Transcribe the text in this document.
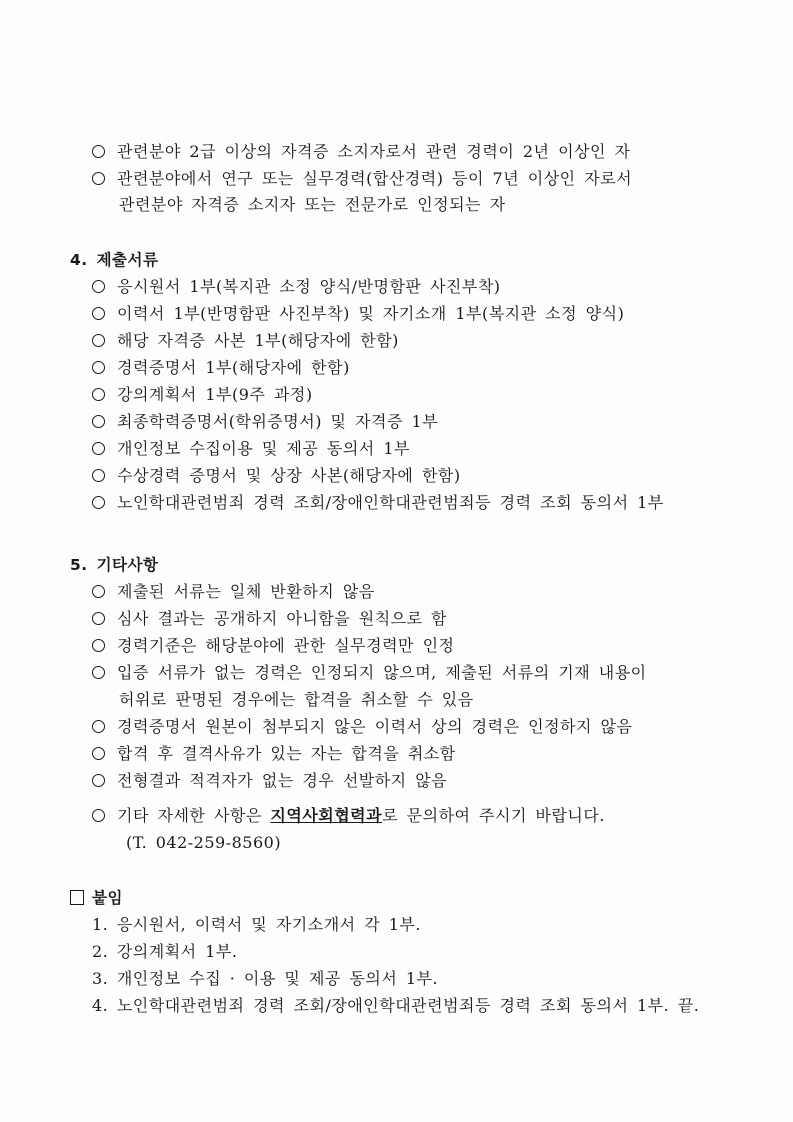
관련분야 2급 이상의 자격증 소지자로서 관련 경력이 2년 이상인 자
관련분야에서 연구 또는 실무경력(합산경력) 등이 7년 이상인 자로서
관련분야 자격증 소지자 또는 전문가로 인정되는 자
4. 제출서류
응시원서 1부(복지관 소정 양식/반명함판 사진부착)
이력서 1부(반명함판 사진부착) 및 자기소개 1부(복지관 소정 양식)
해당 자격증 사본 1부(해당자에 한함)
경력증명서 1부(해당자에 한함)
강의계획서 1부(9주 과정)
최종학력증명서(학위증명서) 및 자격증 1부
개인정보 수집이용 및 제공 동의서 1부
수상경력 증명서 및 상장 사본(해당자에 한함)
노인학대관련범죄 경력 조회/장애인학대관련범죄등 경력 조회 동의서 1부
5. 기타사항
제출된 서류는 일체 반환하지 않음
심사 결과는 공개하지 아니함을 원칙으로 함
경력기준은 해당분야에 관한 실무경력만 인정
입증 서류가 없는 경력은 인정되지 않으며, 제출된 서류의 기재 내용이
허위로 판명된 경우에는 합격을 취소할 수 있음
경력증명서 원본이 첨부되지 않은 이력서 상의 경력은 인정하지 않음
합격 후 결격사유가 있는 자는 합격을 취소함
전형결과 적격자가 없는 경우 선발하지 않음
기타 자세한 사항은 지역사회협력과로 문의하여 주시기 바랍니다.
(T. 042-259-8560)
붙임
1. 응시원서, 이력서 및 자기소개서 각 1부.
2. 강의계획서 1부.
3. 개인정보 수집 · 이용 및 제공 동의서 1부.
4. 노인학대관련범죄 경력 조회/장애인학대관련범죄등 경력 조회 동의서 1부. 끝.
